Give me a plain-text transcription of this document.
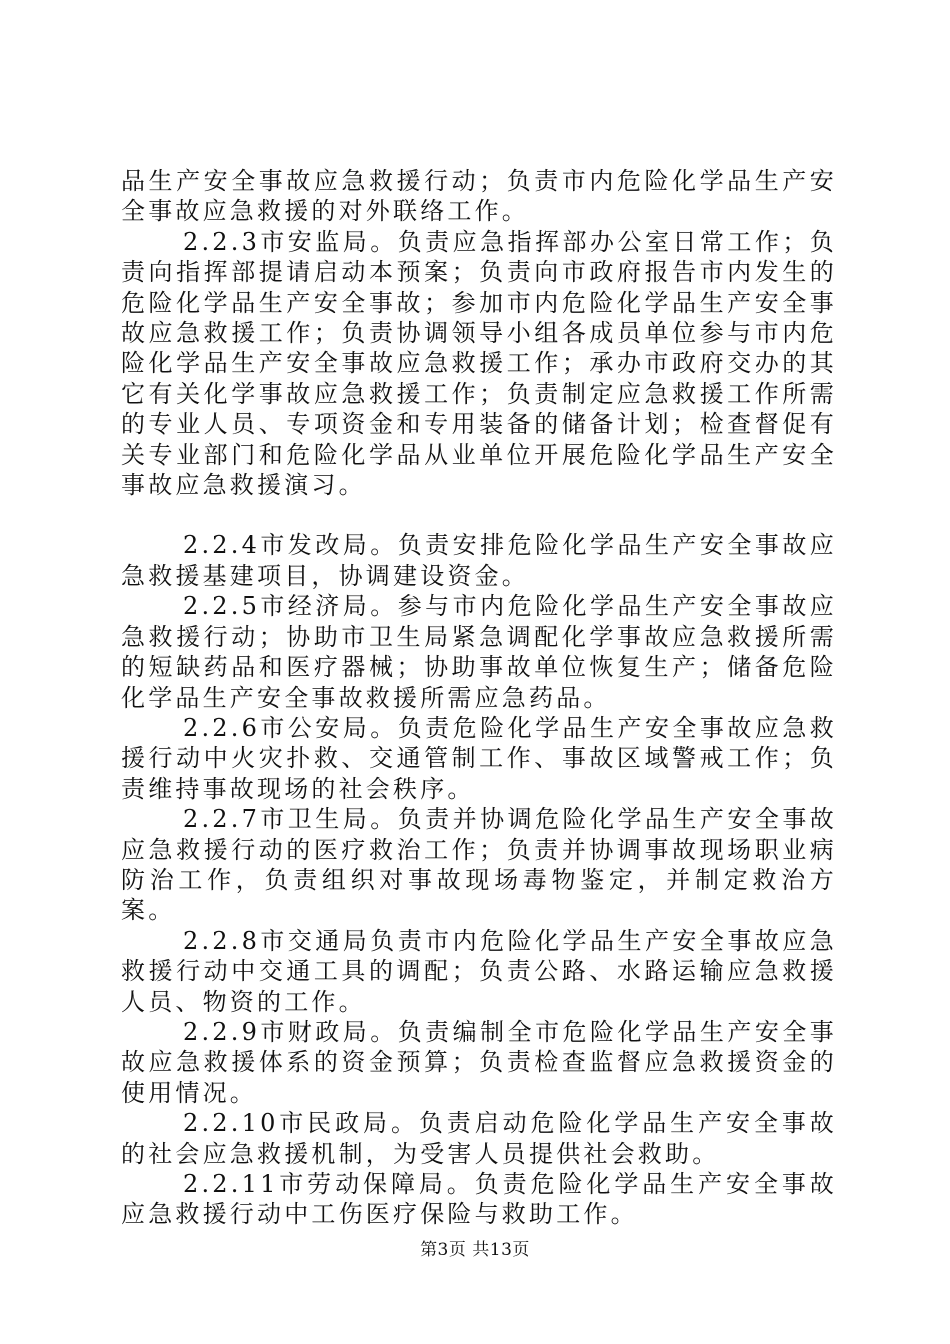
品生产安全事故应急救援行动；负责市内危险化学品生产安全事故应急救援的对外联络工作。

2.2.3市安监局。负责应急指挥部办公室日常工作；负责向指挥部提请启动本预案；负责向市政府报告市内发生的危险化学品生产安全事故；参加市内危险化学品生产安全事故应急救援工作；负责协调领导小组各成员单位参与市内危险化学品生产安全事故应急救援工作；承办市政府交办的其它有关化学事故应急救援工作；负责制定应急救援工作所需的专业人员、专项资金和专用装备的储备计划；检查督促有关专业部门和危险化学品从业单位开展危险化学品生产安全事故应急救援演习。

2.2.4市发改局。负责安排危险化学品生产安全事故应急救援基建项目，协调建设资金。

2.2.5市经济局。参与市内危险化学品生产安全事故应急救援行动；协助市卫生局紧急调配化学事故应急救援所需的短缺药品和医疗器械；协助事故单位恢复生产；储备危险化学品生产安全事故救援所需应急药品。

2.2.6市公安局。负责危险化学品生产安全事故应急救援行动中火灾扑救、交通管制工作、事故区域警戒工作；负责维持事故现场的社会秩序。

2.2.7市卫生局。负责并协调危险化学品生产安全事故应急救援行动的医疗救治工作；负责并协调事故现场职业病防治工作，负责组织对事故现场毒物鉴定，并制定救治方案。

2.2.8市交通局负责市内危险化学品生产安全事故应急救援行动中交通工具的调配；负责公路、水路运输应急救援人员、物资的工作。

2.2.9市财政局。负责编制全市危险化学品生产安全事故应急救援体系的资金预算；负责检查监督应急救援资金的使用情况。

2.2.10市民政局。负责启动危险化学品生产安全事故的社会应急救援机制，为受害人员提供社会救助。

2.2.11市劳动保障局。负责危险化学品生产安全事故应急救援行动中工伤医疗保险与救助工作。

第3页 共13页
